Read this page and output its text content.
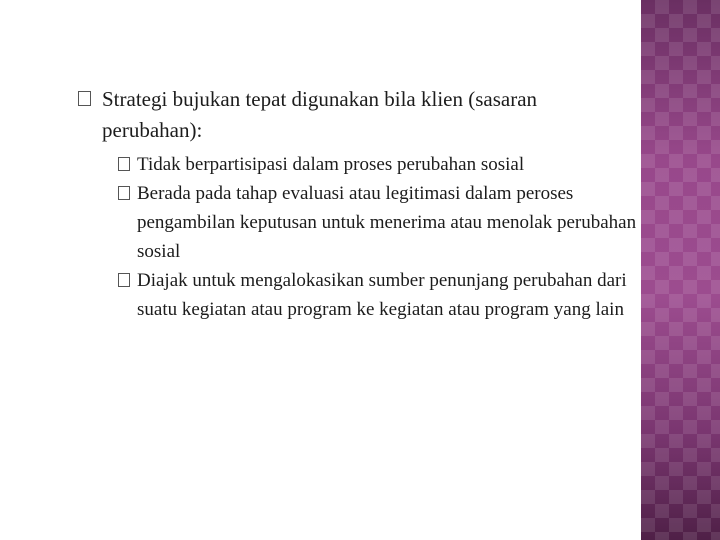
Strategi bujukan tepat digunakan bila klien (sasaran perubahan):

Tidak berpartisipasi dalam proses perubahan sosial

Berada pada tahap evaluasi atau legitimasi dalam peroses pengambilan keputusan untuk menerima atau menolak perubahan sosial

Diajak untuk mengalokasikan sumber penunjang perubahan dari suatu kegiatan atau program ke kegiatan atau program yang lain
